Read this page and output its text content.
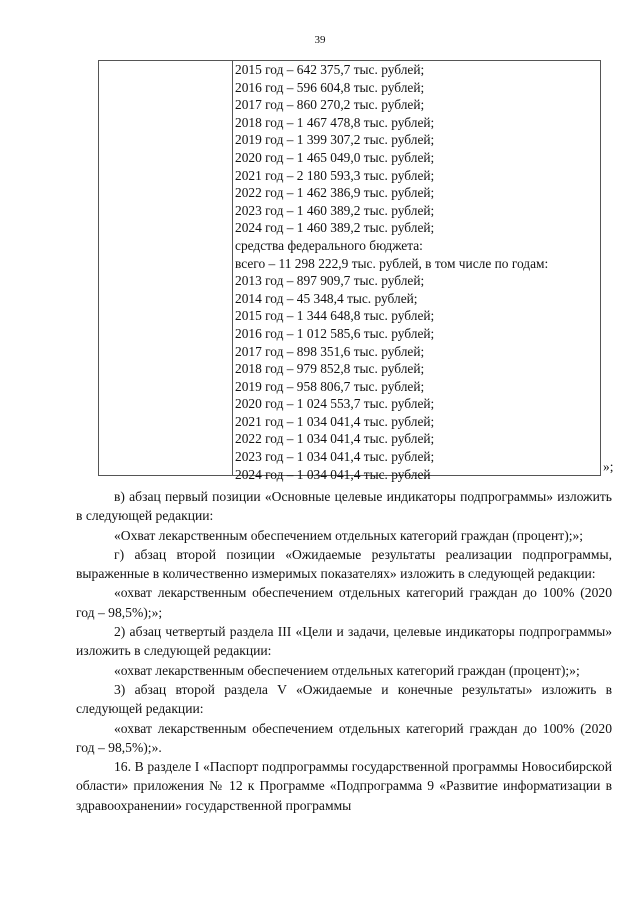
39
2015 год – 642 375,7 тыс. рублей;
2016 год – 596 604,8 тыс. рублей;
2017 год – 860 270,2 тыс. рублей;
2018 год – 1 467 478,8 тыс. рублей;
2019 год – 1 399 307,2 тыс. рублей;
2020 год – 1 465 049,0 тыс. рублей;
2021 год – 2 180 593,3 тыс. рублей;
2022 год – 1 462 386,9 тыс. рублей;
2023 год – 1 460 389,2 тыс. рублей;
2024 год – 1 460 389,2 тыс. рублей;
средства федерального бюджета:
всего – 11 298 222,9 тыс. рублей, в том числе по годам:
2013 год – 897 909,7 тыс. рублей;
2014 год – 45 348,4 тыс. рублей;
2015 год – 1 344 648,8 тыс. рублей;
2016 год – 1 012 585,6 тыс. рублей;
2017 год – 898 351,6 тыс. рублей;
2018 год – 979 852,8 тыс. рублей;
2019 год – 958 806,7 тыс. рублей;
2020 год – 1 024 553,7 тыс. рублей;
2021 год – 1 034 041,4 тыс. рублей;
2022 год – 1 034 041,4 тыс. рублей;
2023 год – 1 034 041,4 тыс. рублей;
2024 год – 1 034 041,4 тыс. рублей
»;

в) абзац первый позиции «Основные целевые индикаторы подпрограммы» изложить в следующей редакции:

«Охват лекарственным обеспечением отдельных категорий граждан (процент);»;

г) абзац второй позиции «Ожидаемые результаты реализации подпрограммы, выраженные в количественно измеримых показателях» изложить в следующей редакции:

«охват лекарственным обеспечением отдельных категорий граждан до 100% (2020 год – 98,5%);»;

2) абзац четвертый раздела III «Цели и задачи, целевые индикаторы подпрограммы» изложить в следующей редакции:

«охват лекарственным обеспечением отдельных категорий граждан (процент);»;

3) абзац второй раздела V «Ожидаемые и конечные результаты» изложить в следующей редакции:

«охват лекарственным обеспечением отдельных категорий граждан до 100% (2020 год – 98,5%);».

16. В разделе I «Паспорт подпрограммы государственной программы Новосибирской области» приложения № 12 к Программе «Подпрограмма 9 «Развитие информатизации в здравоохранении» государственной программы
